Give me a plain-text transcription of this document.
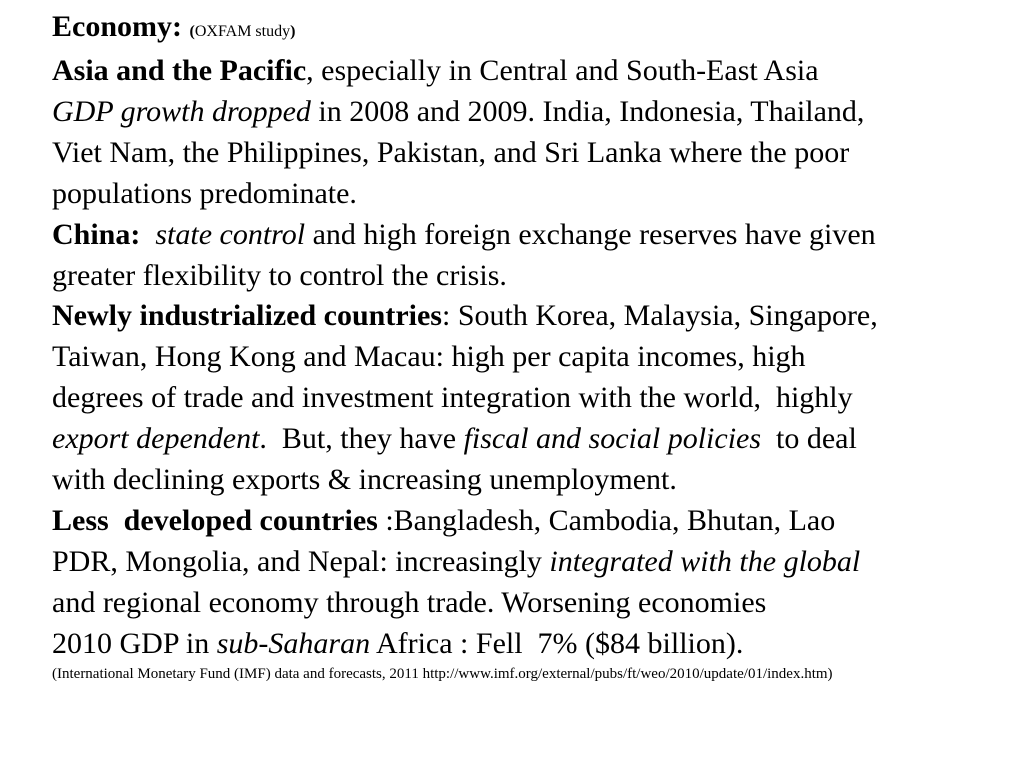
Economy: (OXFAM study)
Asia and the Pacific, especially in Central and South-East Asia
GDP growth dropped in 2008 and 2009. India, Indonesia, Thailand,
Viet Nam, the Philippines, Pakistan, and Sri Lanka where the poor
populations predominate.
China: state control and high foreign exchange reserves have given
greater flexibility to control the crisis.
Newly industrialized countries: South Korea, Malaysia, Singapore,
Taiwan, Hong Kong and Macau: high per capita incomes, high
degrees of trade and investment integration with the world,  highly
export dependent.  But, they have fiscal and social policies  to deal
with declining exports & increasing unemployment.
Less  developed countries :Bangladesh, Cambodia, Bhutan, Lao
PDR, Mongolia, and Nepal: increasingly integrated with the global
and regional economy through trade. Worsening economies
2010 GDP in sub-Saharan Africa : Fell  7% ($84 billion).
(International Monetary Fund (IMF) data and forecasts, 2011 http://www.imf.org/external/pubs/ft/weo/2010/update/01/index.htm)
